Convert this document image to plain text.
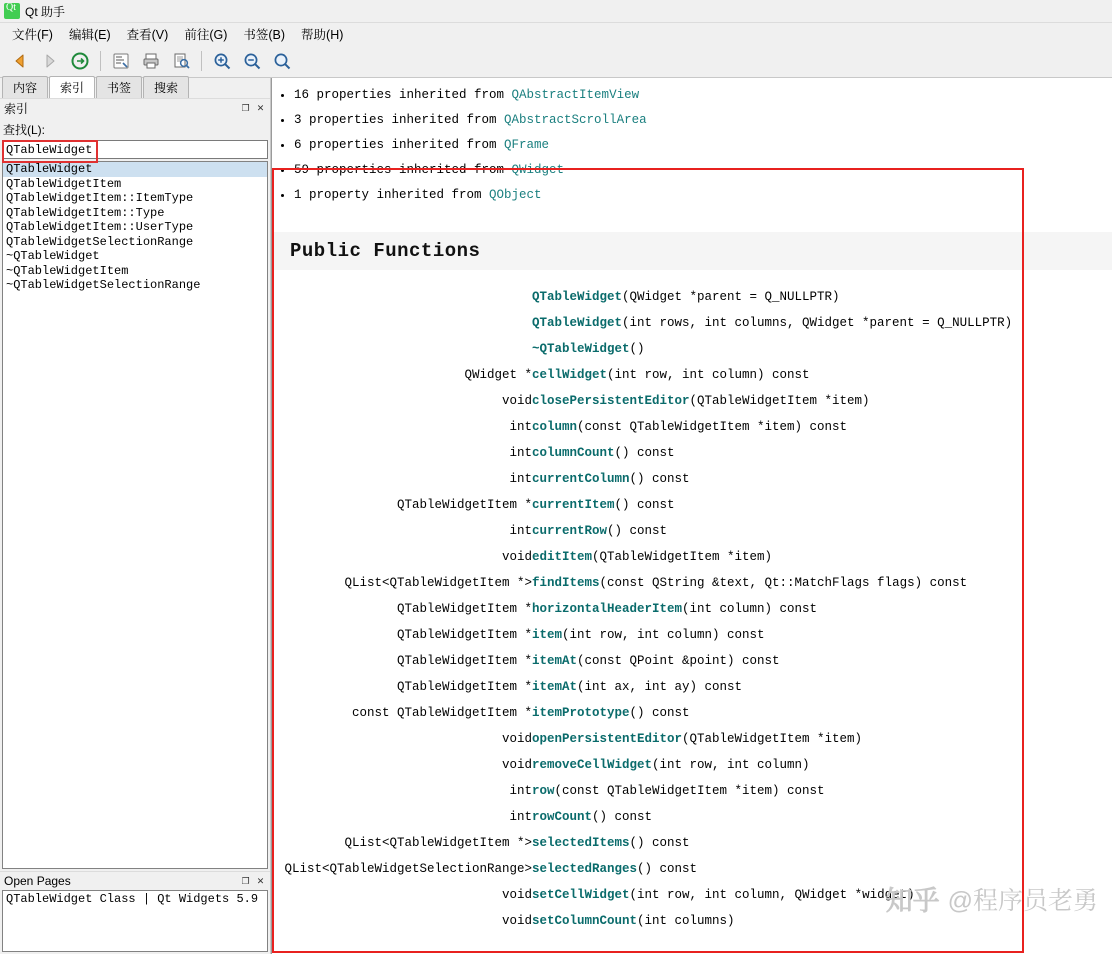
Qt
Qt 助手
文件(F)	编辑(E)	查看(V)	前往(G)	书签(B)	帮助(H)
内容	索引	书签	搜索
索引	❐ ✕
查找(L):
QTableWidget
QTableWidget
QTableWidgetItem
QTableWidgetItem::ItemType
QTableWidgetItem::Type
QTableWidgetItem::UserType
QTableWidgetSelectionRange
~QTableWidget
~QTableWidgetItem
~QTableWidgetSelectionRange
Open Pages	❐ ✕
QTableWidget Class | Qt Widgets 5.9
• 16 properties inherited from QAbstractItemView
• 3 properties inherited from QAbstractScrollArea
• 6 properties inherited from QFrame
• 59 properties inherited from QWidget
• 1 property inherited from QObject
Public Functions
	QTableWidget(QWidget *parent = Q_NULLPTR)
	QTableWidget(int rows, int columns, QWidget *parent = Q_NULLPTR)
	~QTableWidget()
QWidget *	cellWidget(int row, int column) const
void	closePersistentEditor(QTableWidgetItem *item)
int	column(const QTableWidgetItem *item) const
int	columnCount() const
int	currentColumn() const
QTableWidgetItem *	currentItem() const
int	currentRow() const
void	editItem(QTableWidgetItem *item)
QList<QTableWidgetItem *>	findItems(const QString &text, Qt::MatchFlags flags) const
QTableWidgetItem *	horizontalHeaderItem(int column) const
QTableWidgetItem *	item(int row, int column) const
QTableWidgetItem *	itemAt(const QPoint &point) const
QTableWidgetItem *	itemAt(int ax, int ay) const
const QTableWidgetItem *	itemPrototype() const
void	openPersistentEditor(QTableWidgetItem *item)
void	removeCellWidget(int row, int column)
int	row(const QTableWidgetItem *item) const
int	rowCount() const
QList<QTableWidgetItem *>	selectedItems() const
QList<QTableWidgetSelectionRange>	selectedRanges() const
void	setCellWidget(int row, int column, QWidget *widget)
void	setColumnCount(int columns)
知乎 @程序员老勇
